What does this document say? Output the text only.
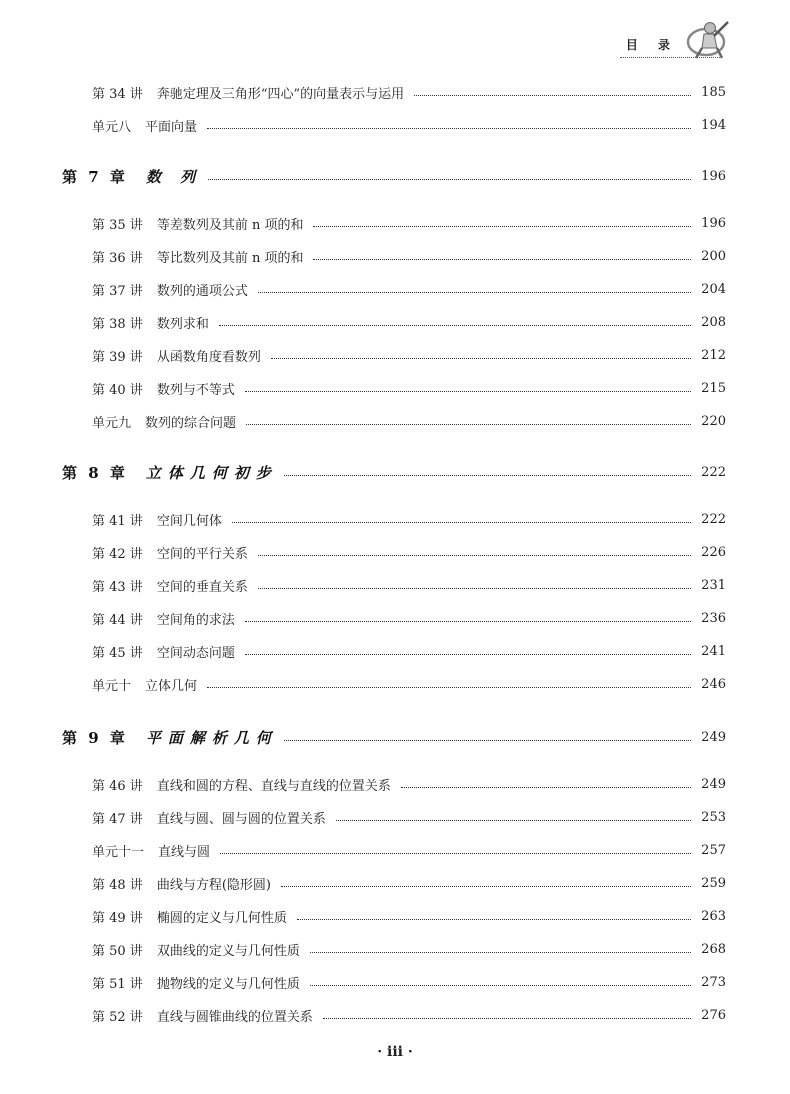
目 录
第 34 讲 奔驰定理及三角形“四心”的向量表示与运用	185
单元八 平面向量	194
第 7 章 数 列	196
第 35 讲 等差数列及其前 n 项的和	196
第 36 讲 等比数列及其前 n 项的和	200
第 37 讲 数列的通项公式	204
第 38 讲 数列求和	208
第 39 讲 从函数角度看数列	212
第 40 讲 数列与不等式	215
单元九 数列的综合问题	220
第 8 章 立体几何初步	222
第 41 讲 空间几何体	222
第 42 讲 空间的平行关系	226
第 43 讲 空间的垂直关系	231
第 44 讲 空间角的求法	236
第 45 讲 空间动态问题	241
单元十 立体几何	246
第 9 章 平面解析几何	249
第 46 讲 直线和圆的方程、直线与直线的位置关系	249
第 47 讲 直线与圆、圆与圆的位置关系	253
单元十一 直线与圆	257
第 48 讲 曲线与方程(隐形圆)	259
第 49 讲 椭圆的定义与几何性质	263
第 50 讲 双曲线的定义与几何性质	268
第 51 讲 抛物线的定义与几何性质	273
第 52 讲 直线与圆锥曲线的位置关系	276
· iii ·
